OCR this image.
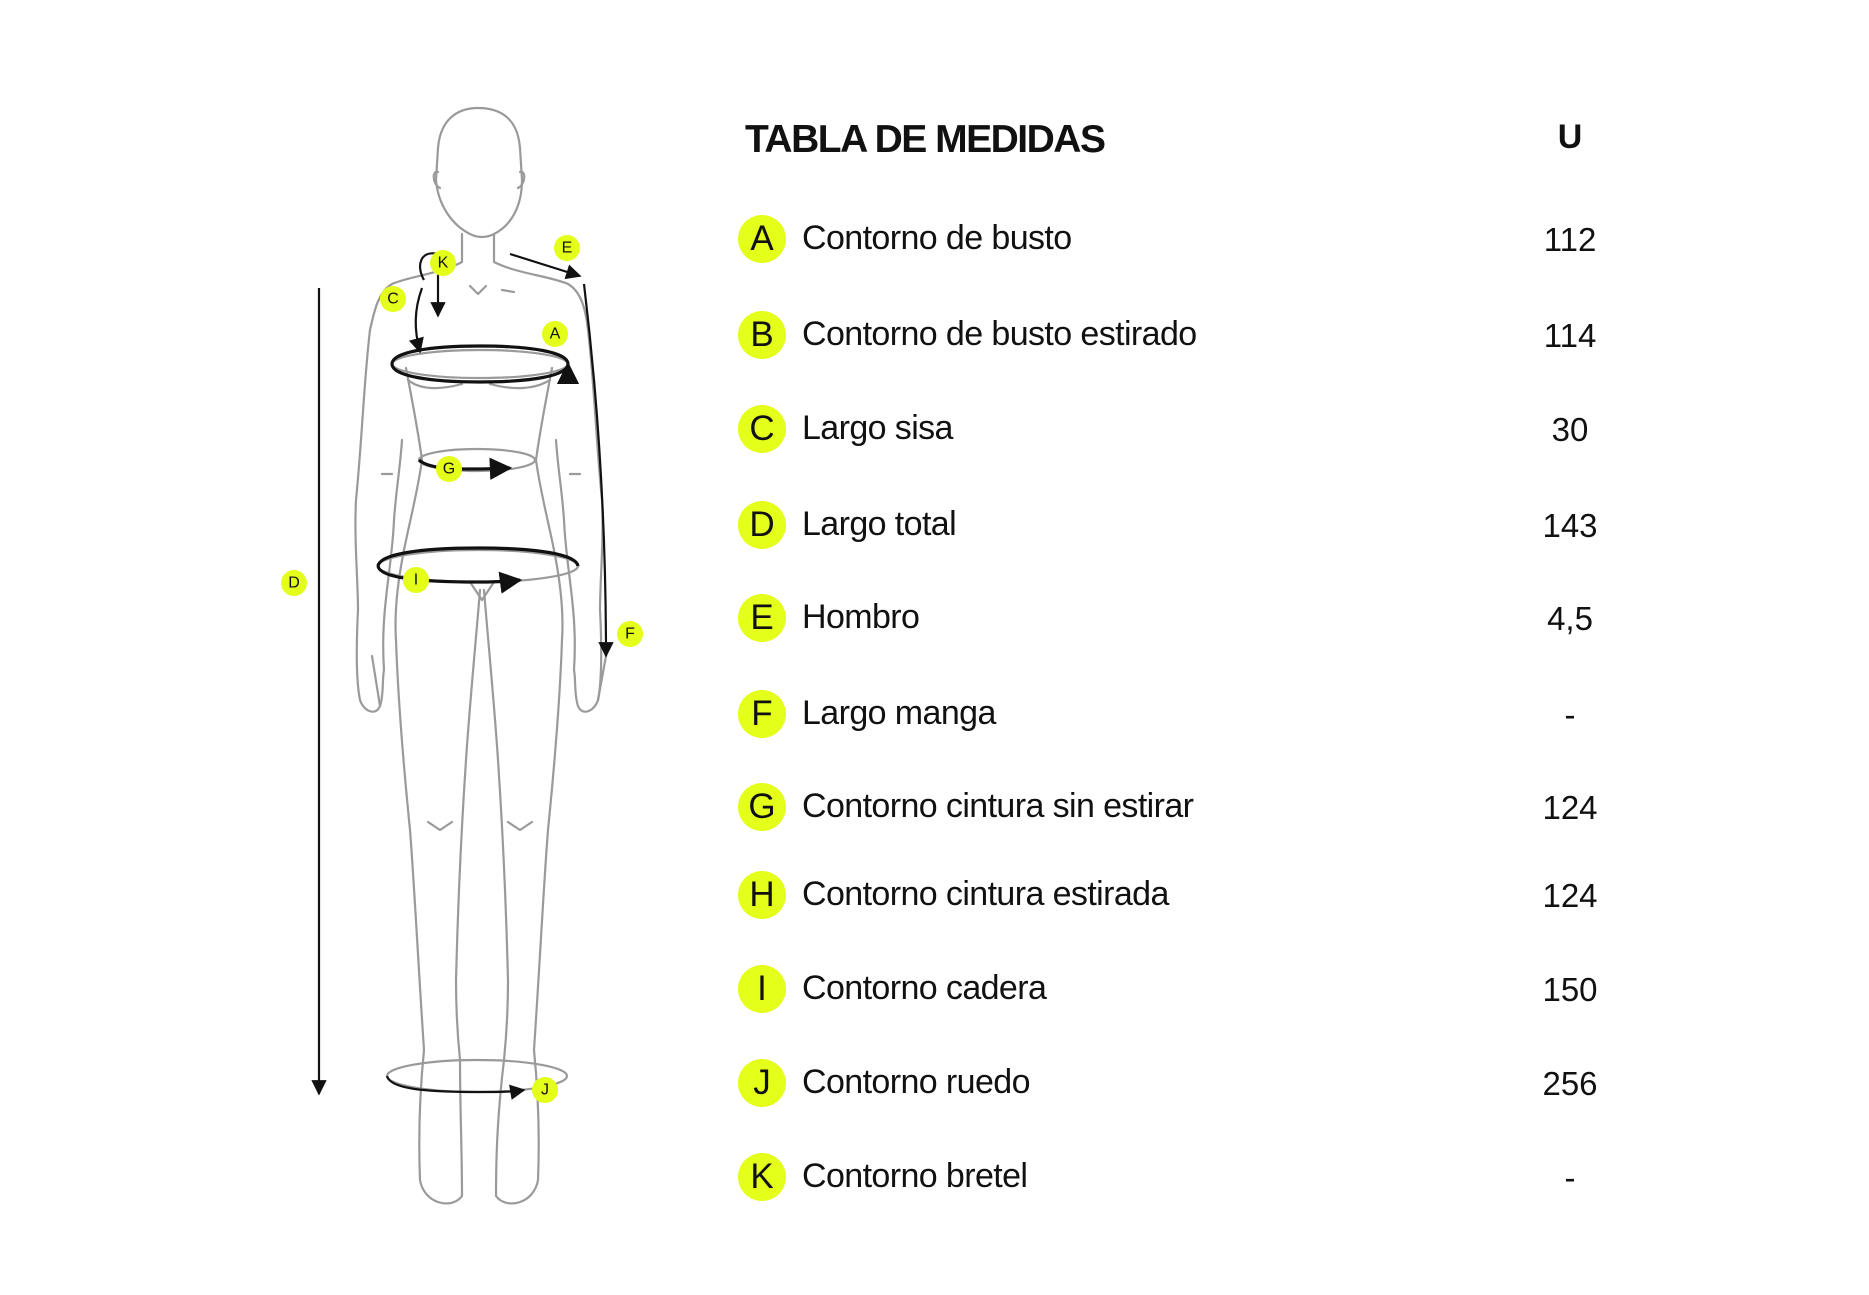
K
E
C
A
G
D	I
F
J
TABLA DE MEDIDAS	U
A Contorno de busto	112
B Contorno de busto estirado	114
C Largo sisa	30
D Largo total	143
E Hombro	4,5
F Largo manga	-
G Contorno cintura sin estirar	124
H Contorno cintura estirada	124
I	Contorno cadera	150
J Contorno ruedo	256
K Contorno bretel	-
